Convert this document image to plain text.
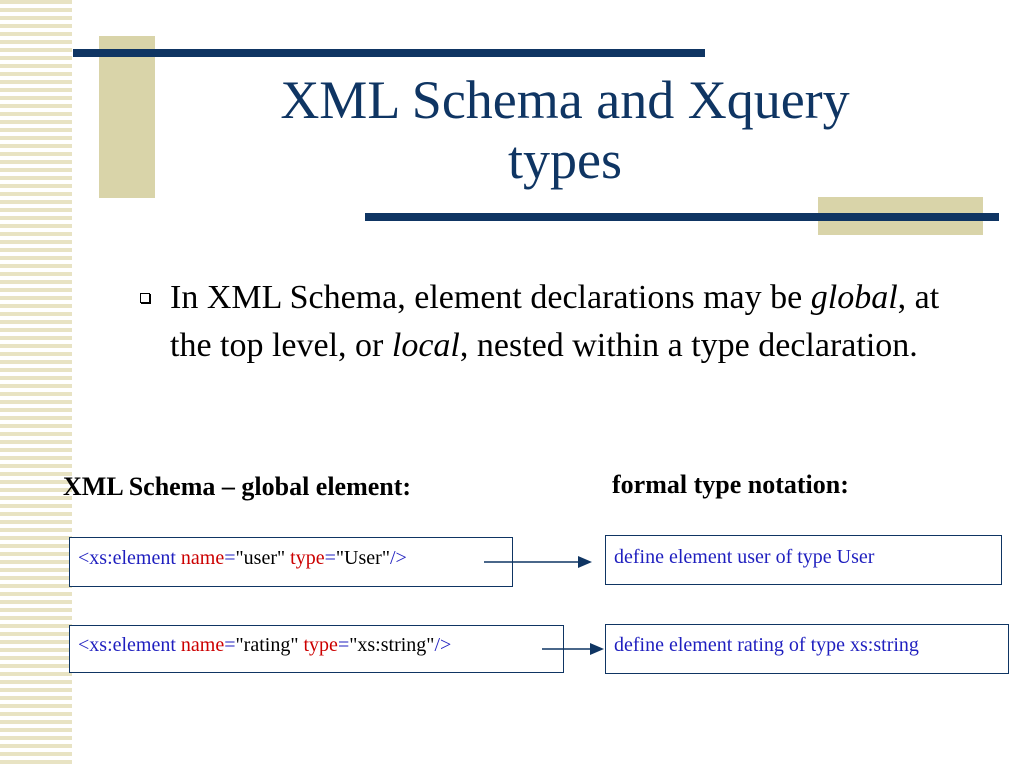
XML Schema and Xquery
types
In XML Schema, element declarations may be global, at the top level, or local, nested within a type declaration.
XML Schema – global element:	formal type notation:
<xs:element name="user" type="User"/>
<xs:element name="rating" type="xs:string"/>
define element user of type User
define element rating of type xs:string
